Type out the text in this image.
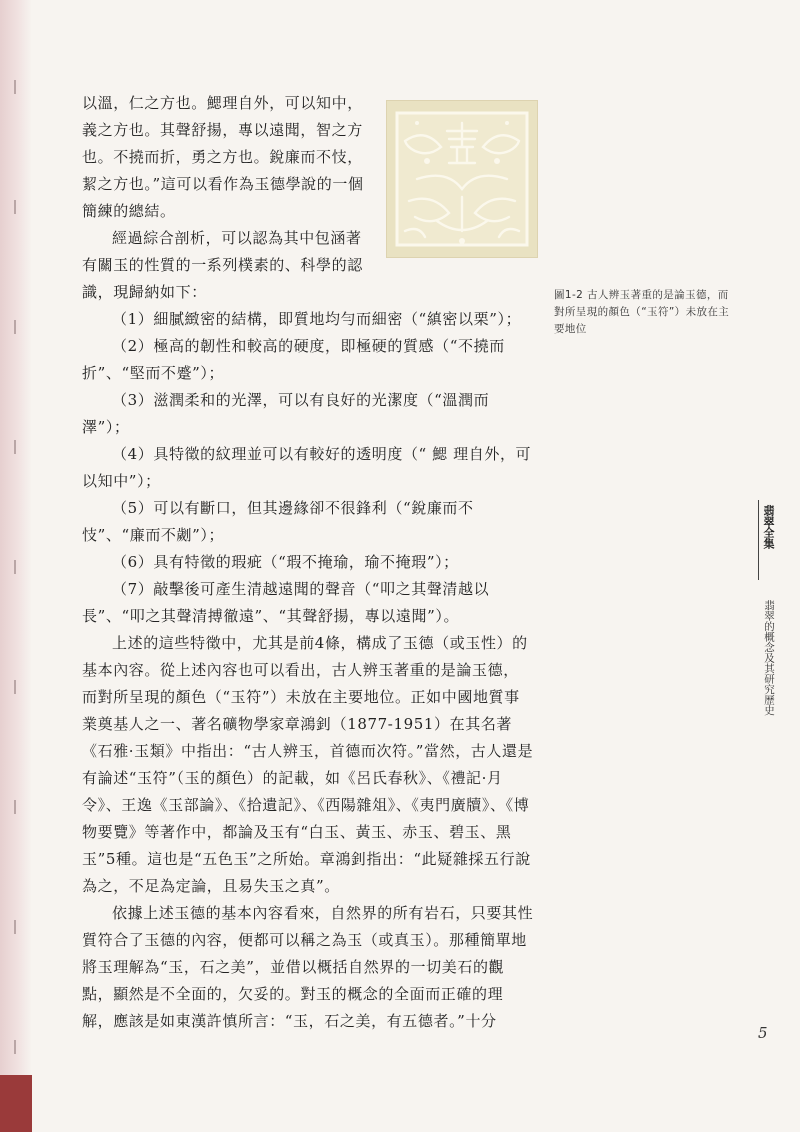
以溫，仁之方也。鰓理自外，可以知中，義之方也。其聲舒揚，專以遠聞，智之方也。不撓而折，勇之方也。銳廉而不忮，絜之方也。”這可以看作為玉德學說的一個簡練的總結。

經過綜合剖析，可以認為其中包涵著有關玉的性質的一系列樸素的、科學的認識，現歸納如下：

（1）細膩緻密的結構，即質地均勻而細密（“縝密以栗”）；

（2）極高的韌性和較高的硬度，即極硬的質感（“不撓而折”、“堅而不蹙”）；

（3）滋潤柔和的光澤，可以有良好的光潔度（“溫潤而澤”）；

（4）具特徵的紋理並可以有較好的透明度（“ 鰓 理自外，可以知中”）；

（5）可以有斷口，但其邊緣卻不很鋒利（“銳廉而不忮”、“廉而不劌”）；

（6）具有特徵的瑕疵（“瑕不掩瑜，瑜不掩瑕”）；

（7）敲擊後可產生清越遠聞的聲音（“叩之其聲清越以長”、“叩之其聲清搏徹遠”、“其聲舒揚，專以遠聞”）。

上述的這些特徵中，尤其是前4條，構成了玉德（或玉性）的基本內容。從上述內容也可以看出，古人辨玉著重的是論玉德，而對所呈現的顏色（“玉符”）未放在主要地位。正如中國地質事業奠基人之一、著名礦物學家章鴻釗（1877-1951）在其名著《石雅·玉類》中指出：“古人辨玉，首德而次符。”當然，古人還是有論述“玉符”（玉的顏色）的記載，如《呂氏春秋》、《禮記·月令》、王逸《玉部論》、《拾遺記》、《西陽雜俎》、《夷門廣牘》、《博物要覽》等著作中，都論及玉有“白玉、黃玉、赤玉、碧玉、黑玉”5種。這也是“五色玉”之所始。章鴻釗指出：“此疑雜採五行說為之，不足為定論，且易失玉之真”。

依據上述玉德的基本內容看來，自然界的所有岩石，只要其性質符合了玉德的內容，便都可以稱之為玉（或真玉）。那種簡單地將玉理解為“玉，石之美”，並借以概括自然界的一切美石的觀點，顯然是不全面的，欠妥的。對玉的概念的全面而正確的理解，應該是如東漢許慎所言：“玉，石之美，有五德者。”十分

圖1-2 古人辨玉著重的是論玉德，而對所呈現的顏色（“玉符”）未放在主要地位
翡翠全集
翡翠的概念及其研究歷史
5
